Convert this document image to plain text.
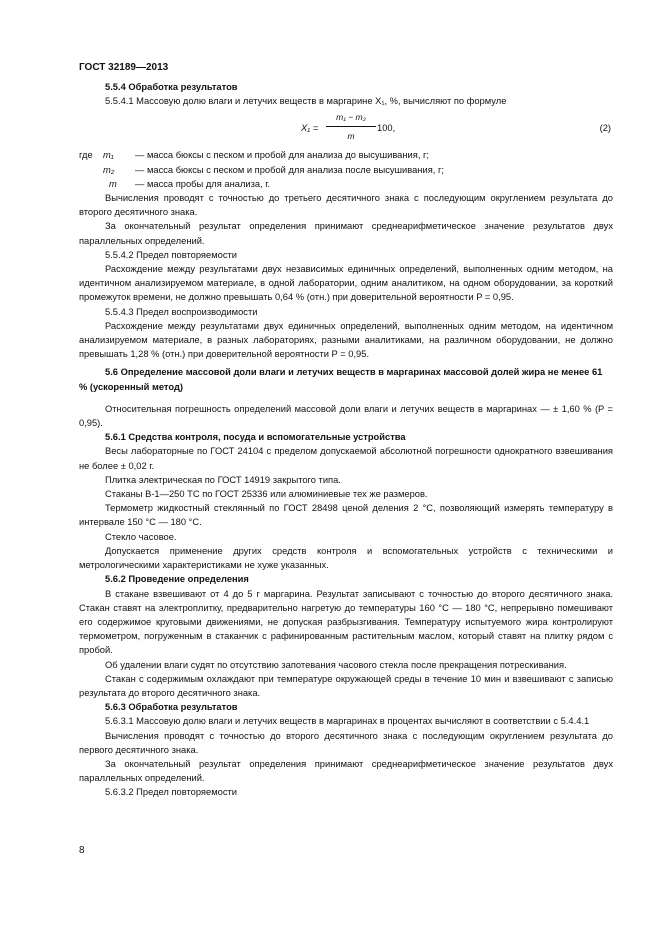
ГОСТ 32189—2013

5.5.4 Обработка результатов

5.5.4.1 Массовую долю влаги и летучих веществ в маргарине X₁, %, вычисляют по формуле

X₁ =
m₁ − m₂
m
100,	(2)
где	m₁	— масса бюксы с песком и пробой для анализа до высушивания, г;
m₂	— масса бюксы с песком и пробой для анализа после высушивания, г;
m	— масса пробы для анализа, г.

Вычисления проводят с точностью до третьего десятичного знака с последующим округлением результата до второго десятичного знака.

За окончательный результат определения принимают среднеарифметическое значение результатов двух параллельных определений.

5.5.4.2 Предел повторяемости

Расхождение между результатами двух независимых единичных определений, выполненных одним методом, на идентичном анализируемом материале, в одной лаборатории, одним аналитиком, на одном оборудовании, за короткий промежуток времени, не должно превышать 0,64 % (отн.) при доверительной вероятности P = 0,95.

5.5.4.3 Предел воспроизводимости

Расхождение между результатами двух единичных определений, выполненных одним методом, на идентичном анализируемом материале, в разных лабораториях, разными аналитиками, на различном оборудовании, не должно превышать 1,28 % (отн.) при доверительной вероятности P = 0,95.

5.6 Определение массовой доли влаги и летучих веществ в маргаринах массовой долей жира не менее 61 % (ускоренный метод)

Относительная погрешность определений массовой доли влаги и летучих веществ в маргаринах — ± 1,60 % (P = 0,95).

5.6.1 Средства контроля, посуда и вспомогательные устройства

Весы лабораторные по ГОСТ 24104 с пределом допускаемой абсолютной погрешности однократного взвешивания не более ± 0,02 г.

Плитка электрическая по ГОСТ 14919 закрытого типа.

Стаканы В-1—250 ТС по ГОСТ 25336 или алюминиевые тех же размеров.

Термометр жидкостный стеклянный по ГОСТ 28498 ценой деления 2 °С, позволяющий измерять температуру в интервале 150 °С — 180 °С.

Стекло часовое.

Допускается применение других средств контроля и вспомогательных устройств с техническими и метрологическими характеристиками не хуже указанных.

5.6.2 Проведение определения

В стакане взвешивают от 4 до 5 г маргарина. Результат записывают с точностью до второго десятичного знака. Стакан ставят на электроплитку, предварительно нагретую до температуры 160 °С — 180 °С, непрерывно помешивают его содержимое круговыми движениями, не допуская разбрызгивания. Температуру испытуемого жира контролируют термометром, погруженным в стаканчик с рафинированным растительным маслом, который ставят на плитку рядом с пробой.

Об удалении влаги судят по отсутствию запотевания часового стекла после прекращения потрескивания.

Стакан с содержимым охлаждают при температуре окружающей среды в течение 10 мин и взвешивают с записью результата до второго десятичного знака.

5.6.3 Обработка результатов

5.6.3.1 Массовую долю влаги и летучих веществ в маргаринах в процентах вычисляют в соответствии с 5.4.4.1

Вычисления проводят с точностью до второго десятичного знака с последующим округлением результата до первого десятичного знака.

За окончательный результат определения принимают среднеарифметическое значение результатов двух параллельных определений.

5.6.3.2 Предел повторяемости

8
